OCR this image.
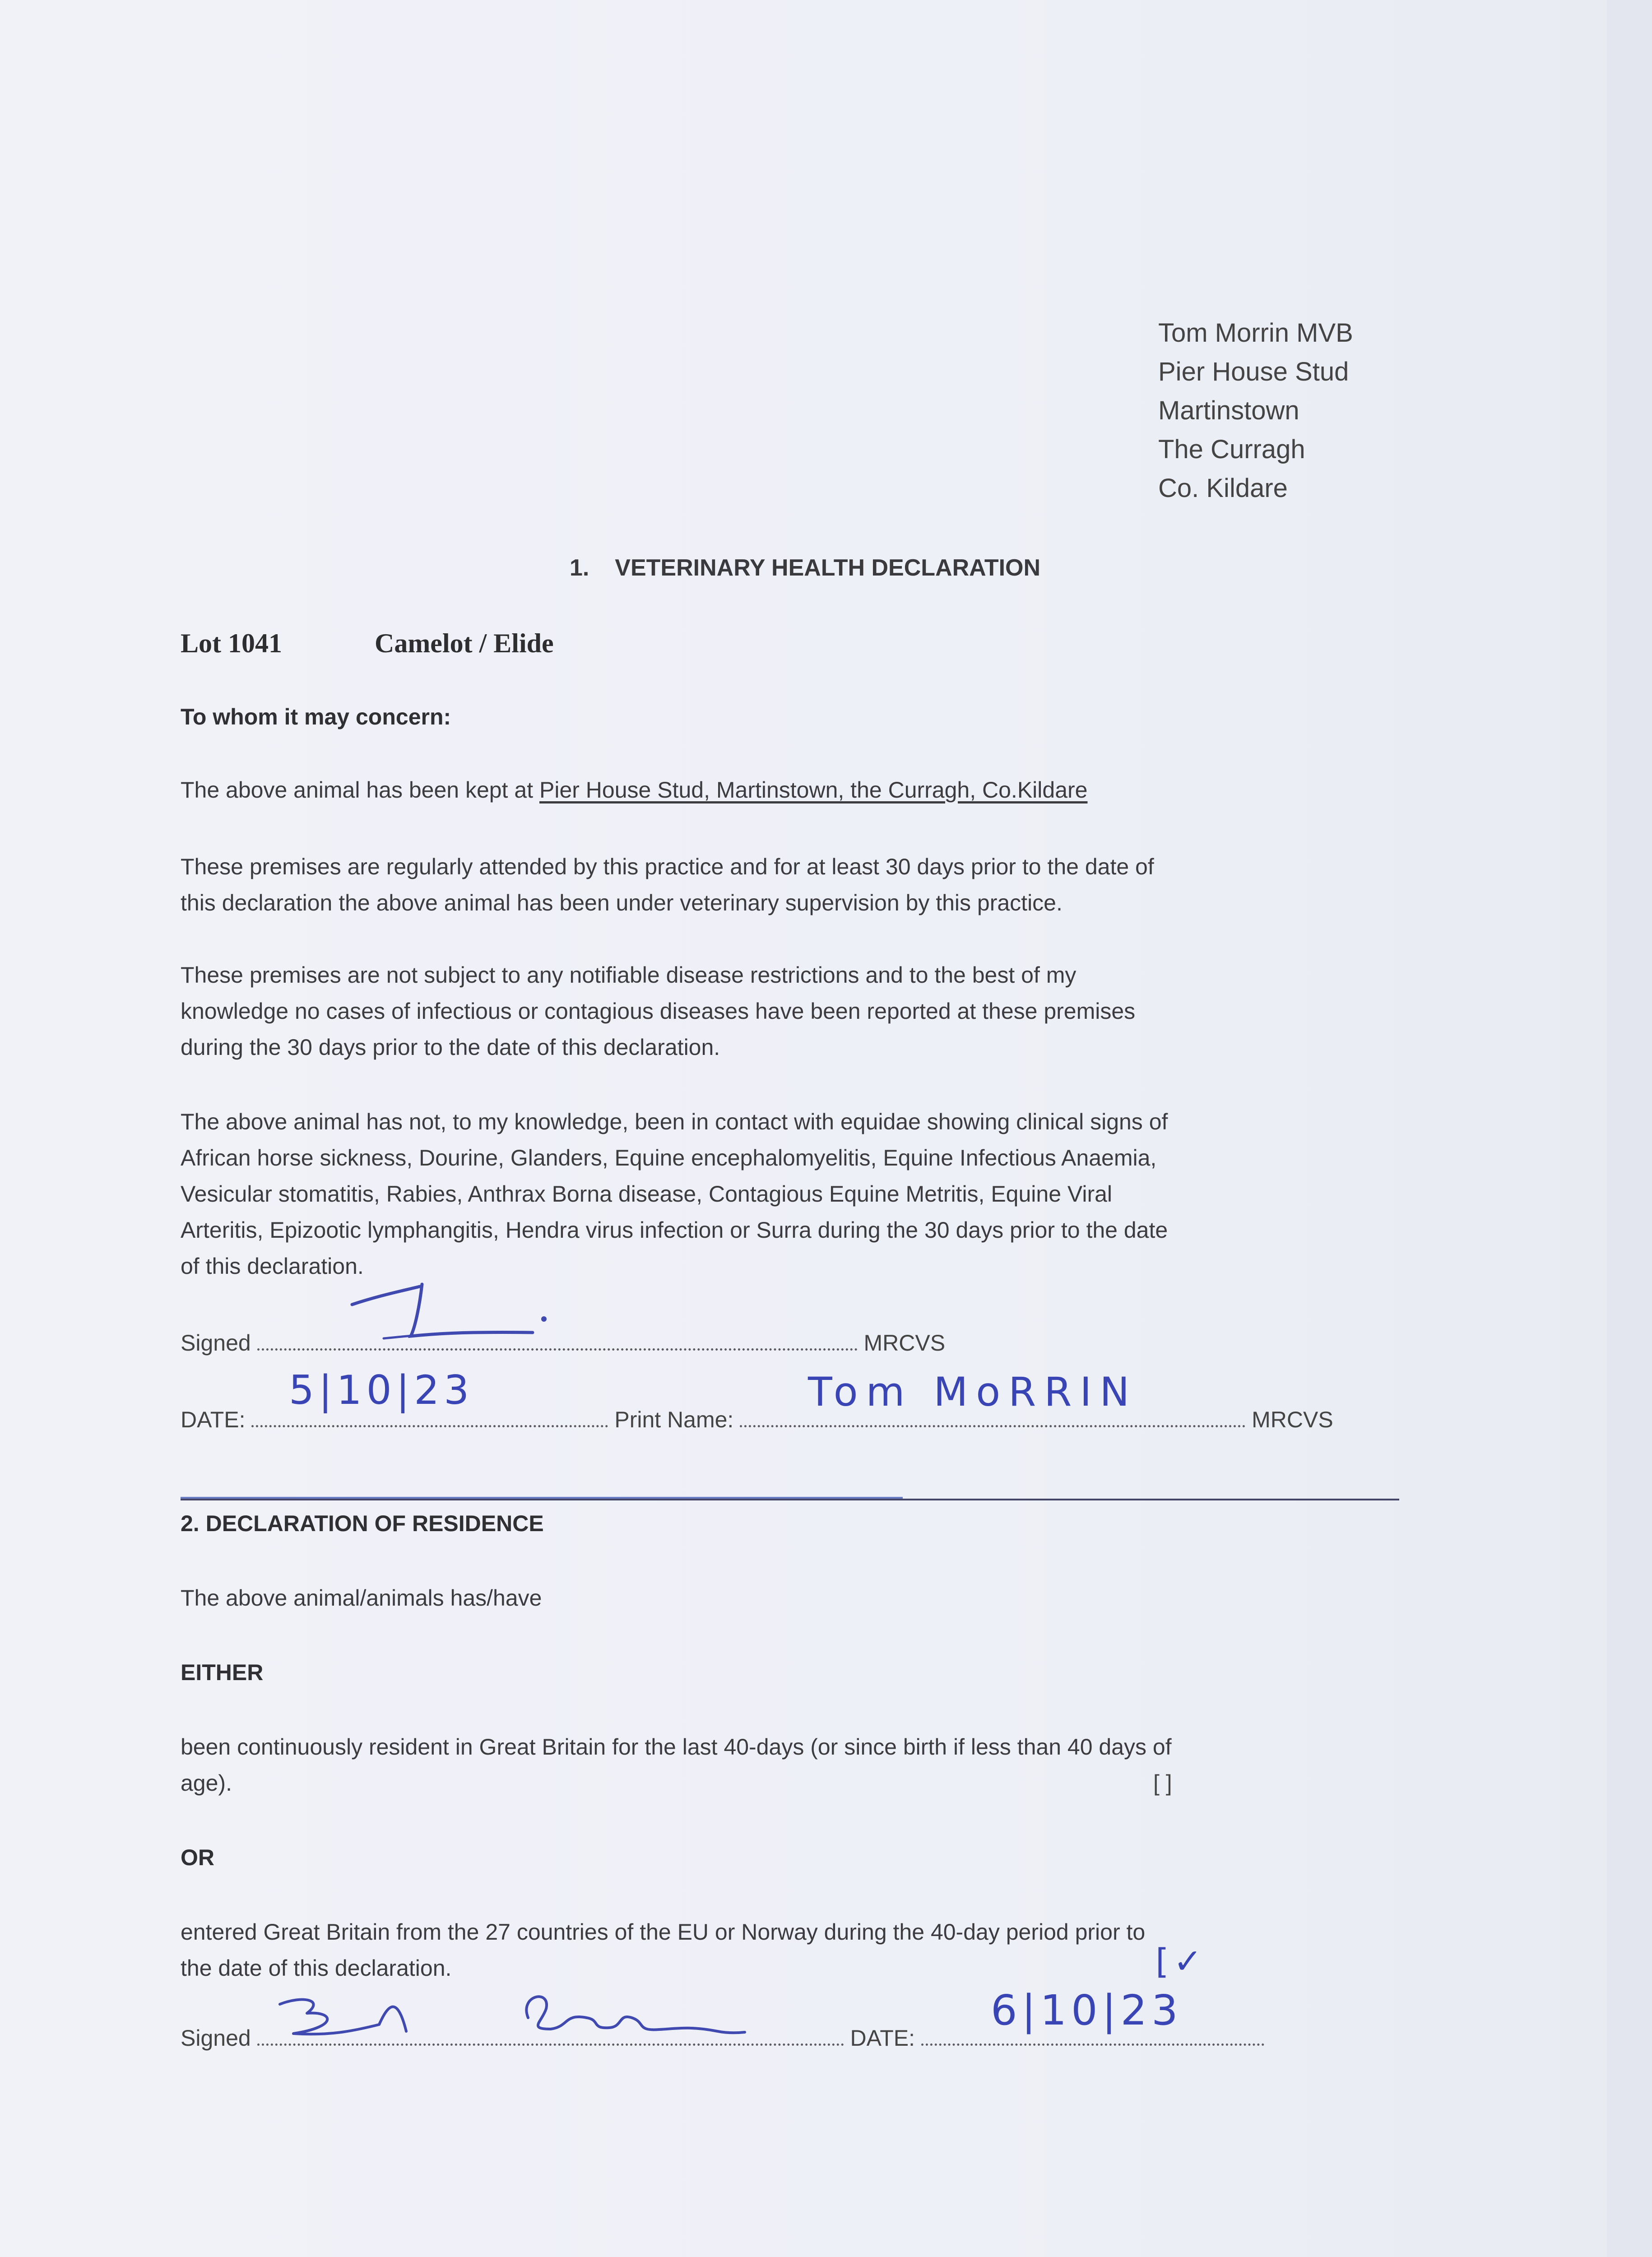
Tom Morrin MVB
Pier House Stud
Martinstown
The Curragh
Co. Kildare
1. VETERINARY HEALTH DECLARATION
Lot 1041	Camelot / Elide
To whom it may concern:
The above animal has been kept at Pier House Stud, Martinstown, the Curragh, Co.Kildare
These premises are regularly attended by this practice and for at least 30 days prior to the date of
this declaration the above animal has been under veterinary supervision by this practice.
These premises are not subject to any notifiable disease restrictions and to the best of my
knowledge no cases of infectious or contagious diseases have been reported at these premises
during the 30 days prior to the date of this declaration.
The above animal has not, to my knowledge, been in contact with equidae showing clinical signs of
African horse sickness, Dourine, Glanders, Equine encephalomyelitis, Equine Infectious Anaemia,
Vesicular stomatitis, Rabies, Anthrax Borna disease, Contagious Equine Metritis, Equine Viral
Arteritis, Epizootic lymphangitis, Hendra virus infection or Surra during the 30 days prior to the date
of this declaration.
Signed	MRCVS
DATE:	Print Name:	MRCVS
5|10|23	Tom MoRRIN
2. DECLARATION OF RESIDENCE
The above animal/animals has/have
EITHER
been continuously resident in Great Britain for the last 40-days (or since birth if less than 40 days of
age).	[ ]
OR
entered Great Britain from the 27 countries of the EU or Norway during the 40-day period prior to
the date of this declaration.	[✓
Signed	DATE:
6|10|23
